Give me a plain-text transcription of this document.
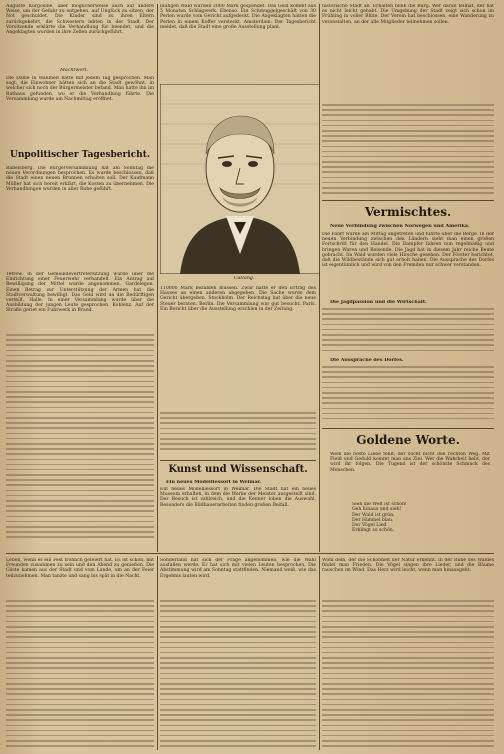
Auguste Kurgosine, aber möglicherweise auch auf andere Weise, um der Gefahr zu entgehen, auf Unglück zu sitzen, der Not geschuldet. Die Kinder sind zu ihren Eltern zurückgekehrt, die Schwestern lebten in der Stadt. Der Vorsitzende erklärte die Verhandlung für beendet, und die Angeklagten wurden in ihre Zellen zurückgeführt.
Machtwort.
Die Dame in Wahlheit hatte mit jedem Tag gesprochen. Man sagt, die Einwohner hätten sich an die Stadt gewöhnt, in welcher sich noch der Bürgermeister befand. Man hatte ihn im Rathaus gefunden, wo er die Verhandlung führte. Die Versammlung wurde am Nachmittag eröffnet.
Unpolitischer Tagesbericht.
Babelsberg. Die Bürgerversammlung hat am Sonntag die neuen Verordnungen besprochen. Es wurde beschlossen, daß die Stadt einen neuen Brunnen erhalten soll. Der Kaufmann Müller hat sich bereit erklärt, die Kosten zu übernehmen. Die Verhandlungen wurden in aller Ruhe geführt.
Tetrow. In der Gemeindevertretersitzung wurde über die Einrichtung einer Feuerwehr verhandelt. Ein Antrag auf Bewilligung der Mittel wurde angenommen. Gardelegen. Einen Betrag zur Unterstützung der Armen hat die Stadtverwaltung bewilligt. Das Geld wird an die Bedürftigen verteilt. Halle. In einer Versammlung wurde über die Ausbildung der jungen Leute gesprochen. Koblenz. Auf der Straße geriet ein Fuhrwerk in Brand.
blühgen Wald wurden 2000 Mark gespendet. Das Geld kommt aus 5 Monaten Schlagwerk. Ebenso. Ein Schmuggelgeschäft von 30 Perlen wurde vom Gericht aufgedeckt. Die Angeklagten hatten die Perlen in einem Koffer versteckt. Amsterdam. Der Tagesbericht meldet, daß die Stadt eine große Ausstellung plant.
Cutlang.
110000 Mark bezahlen müssen. Zwar hatte er den Ertrag des Hauses an einen anderen abgegeben. Die Sache wurde dem Gericht übergeben. Stockholm. Der Reichstag hat über die neue Steuer beraten. Berlin. Die Versammlung war gut besucht. Paris. Ein Bericht über die Ausstellung erschien in der Zeitung.
Kunst und Wissenschaft.
Ein neues Modelliessort in Weimar.
Ein neues Modelliessort in Weimar. Die Stadt hat ein neues Museum erhalten, in dem die Werke der Meister ausgestellt sind. Der Besuch ist zahlreich, und die Kenner loben die Auswahl. Besonders die Bildhauerarbeiten finden großen Beifall.
historische Stadt an. Erhalten blieb die Burg. Wer daran teilhat, der hat es nicht leicht gehabt. Die Umgebung der Stadt zeigt sich schon im Frühling in voller Blüte. Der Verein hat beschlossen, eine Wanderung zu veranstalten, an der alle Mitglieder teilnehmen sollen.
Vermischtes.
Neue Verbindung zwischen Norwegen und Amerika.
Die Fahrt wurde am Mittag angetreten und führte über die Berge. In der neuen Verbindung zwischen den Ländern sieht man einen großen Fortschritt für den Handel. Die Dampfer fahren nun regelmäßig und bringen Waren und Reisende. Die Jagd hat in diesem Jahr reiche Beute gebracht. Im Wald wurden viele Hirsche gesehen. Der Förster berichtet, daß die Wildbestände sich gut erholt haben. Die Aussprache des Dorfes ist eigentümlich und wird von den Fremden nur schwer verstanden.
Die Jagdpassion und die Wirtschaft.
Die Aussprache des Dorfes.
Goldene Worte.
Wem die beste Liebe fehlt, der sucht nicht den rechten Weg. Mit Fleiß und Geduld kommt man ans Ziel. Wer die Wahrheit liebt, der wird ihr folgen. Die Tugend ist der schönste Schmuck des Menschen.
Sieh die Welt ist schön!
Geh hinaus und sieh!
Der Wald ist grün,
Der Himmel blau,
Der Vögel Lied
Erklingt so schön.
Leben, wenn er ein Fest fröhlich gefeiert hat. Es ist schön, mit Freunden zusammen zu sein und den Abend zu genießen. Die Gäste kamen aus der Stadt und vom Lande, um an der Feier teilzunehmen. Man tanzte und sang bis spät in die Nacht.
Sonderland hat sich der Frage angenommen, wie die Wahl ausfallen werde. Er hat sich mit vielen Leuten besprochen. Die Abstimmung wird am Sonntag stattfinden. Niemand weiß, wie das Ergebnis lauten wird.
Wohl dem, der die Schönheit der Natur erkennt. In der Ruhe des Waldes findet man Frieden. Die Vögel singen ihre Lieder, und die Bäume rauschen im Wind. Das Herz wird leicht, wenn man hinausgeht.
